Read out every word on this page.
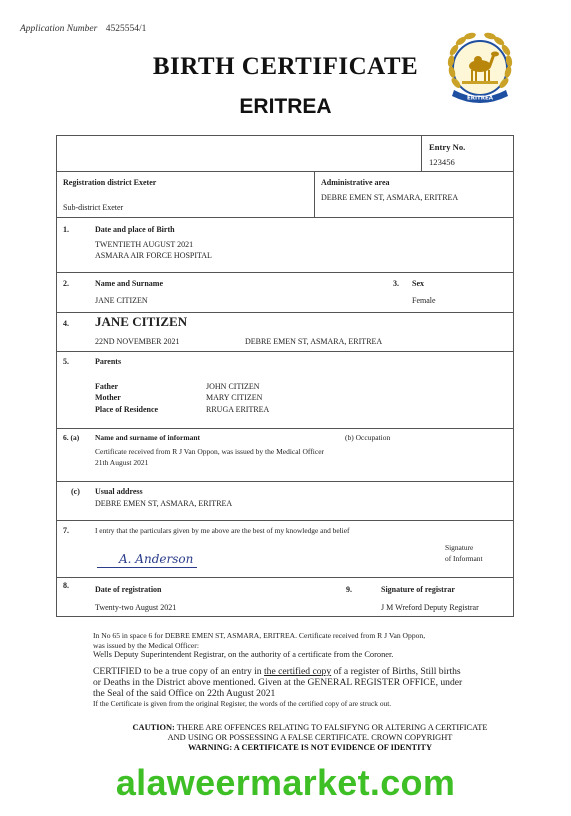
Application Number 4525554/1
BIRTH CERTIFICATE
ERITREA	ERITREA
Entry No.
123456
Registration district Exeter
Sub-district Exeter
Administrative area
DEBRE EMEN ST, ASMARA, ERITREA
1.	Date and place of Birth
TWENTIETH AUGUST 2021
ASMARA AIR FORCE HOSPITAL
2.	Name and Surname
JANE CITIZEN
3. Sex
Female
4. JANE CITIZEN
22ND NOVEMBER 2021	DEBRE EMEN ST, ASMARA, ERITREA
5.	Parents
Father	JOHN CITIZEN
Mother	MARY CITIZEN
Place of Residence	RRUGA ERITREA
6. (a) Name and surname of informant	(b) Occupation
Certificate received from R J Van Oppon, was issued by the Medical Officer
21th August 2021
(c) Usual address
DEBRE EMEN ST, ASMARA, ERITREA
7.	I entry that the particulars given by me above are the best of my knowledge and belief
Signature
of Informant
A. Anderson
8.	Date of registration
Twenty-two August 2021
9.	Signature of registrar
J M Wreford Deputy Registrar
In No 65 in space 6 for DEBRE EMEN ST, ASMARA, ERITREA. Certificate received from R J Van Oppon,
was issued by the Medical Officer:
Wells Deputy Superintendent Registrar, on the authority of a certificate from the Coroner.
CERTIFIED to be a true copy of an entry in the certified copy of a register of Births, Still births
or Deaths in the District above mentioned. Given at the GENERAL REGISTER OFFICE, under
the Seal of the said Office on 22th August 2021
If the Certificate is given from the original Register, the words of the certified copy of are struck out.
CAUTION: THERE ARE OFFENCES RELATING TO FALSIFYNG OR ALTERING A CERTIFICATE
AND USING OR POSSESSING A FALSE CERTIFICATE. CROWN COPYRIGHT
WARNING: A CERTIFICATE IS NOT EVIDENCE OF IDENTITY
alaweermarket.com
